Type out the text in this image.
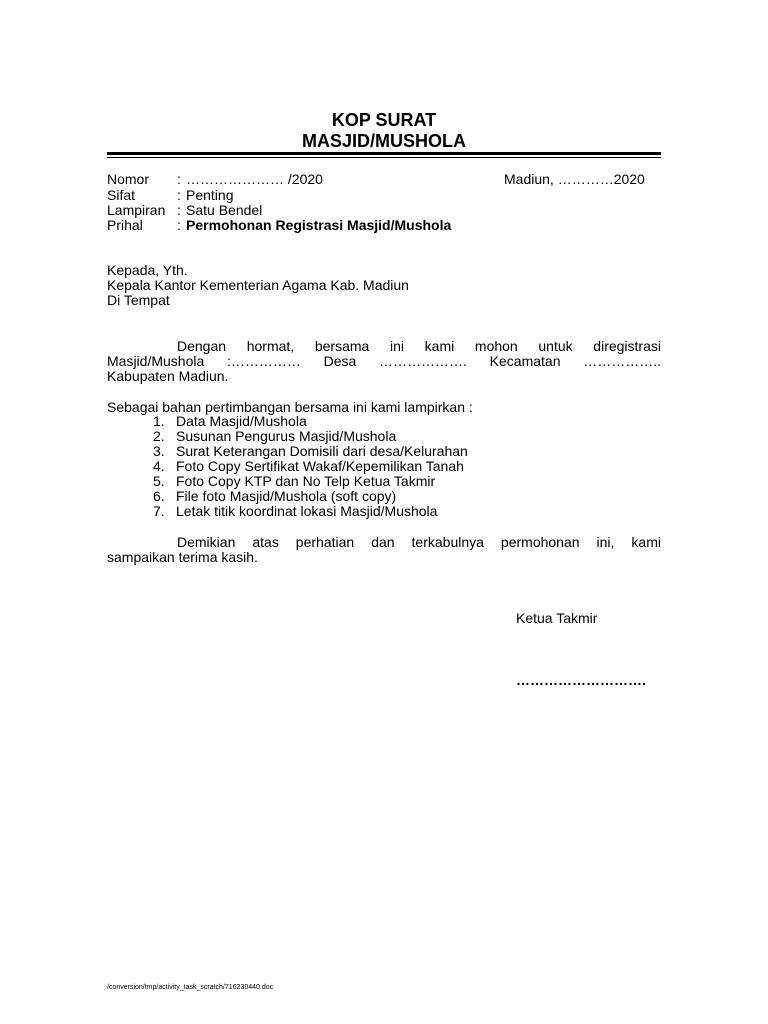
KOP SURAT
MASJID/MUSHOLA
Nomor : ………………… /2020	Madiun, …………2020
Sifat	: Penting
Lampiran : Satu Bendel
Prihal : Permohonan Registrasi Masjid/Mushola
Kepada, Yth.
Kepala Kantor Kementerian Agama Kab. Madiun
Di Tempat
Dengan hormat, bersama ini kami mohon untuk diregistrasi
Masjid/Mushola :…………… Desa ………………. Kecamatan ……………..
Kabupaten Madiun.
Sebagai bahan pertimbangan bersama ini kami lampirkan :
1. Data Masjid/Mushola
2. Susunan Pengurus Masjid/Mushola
3. Surat Keterangan Domisili dari desa/Kelurahan
4. Foto Copy Sertifikat Wakaf/Kepemilikan Tanah
5. Foto Copy KTP dan No Telp Ketua Takmir
6. File foto Masjid/Mushola (soft copy)
7. Letak titik koordinat lokasi Masjid/Mushola
Demikian atas perhatian dan terkabulnya permohonan ini, kami
sampaikan terima kasih.
Ketua Takmir
……………………….
/conversion/tmp/activity_task_scratch/716230440.doc
